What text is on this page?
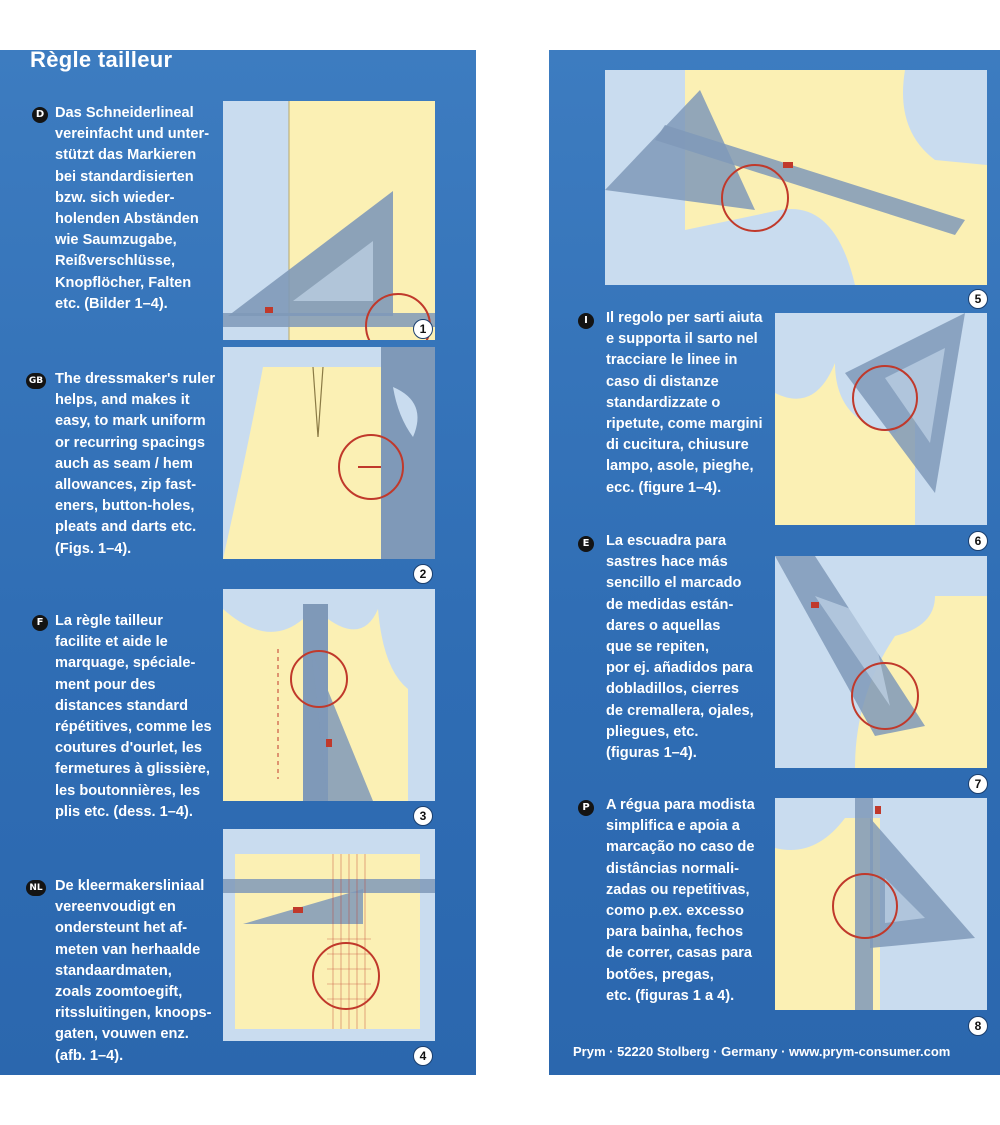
Règle tailleur
D Das Schneiderlineal
vereinfacht und unter-
stützt das Markieren
bei standardisierten
bzw. sich wieder-
holenden Abständen
wie Saumzugabe,
Reißverschlüsse,
Knopflöcher, Falten
etc. (Bilder 1–4).

GB The dressmaker's ruler
helps, and makes it
easy, to mark uniform
or recurring spacings
auch as seam / hem
allowances, zip fast-
eners, button-holes,
pleats and darts etc.
(Figs. 1–4).

F La règle tailleur
facilite et aide le
marquage, spéciale-
ment pour des
distances standard
répétitives, comme les
coutures d'ourlet, les
fermetures à glissière,
les boutonnières, les
plis etc. (dess. 1–4).

NL De kleermakersliniaal
vereenvoudigt en
ondersteunt het af-
meten van herhaalde
standaardmaten,
zoals zoomtoegift,
ritssluitingen, knoops-
gaten, vouwen enz.
(afb. 1–4).

1
2
3
4
5
I	Il regolo per sarti aiuta
e supporta il sarto nel
tracciare le linee in
caso di distanze
standardizzate o
ripetute, come margini
di cucitura, chiusure
lampo, asole, pieghe,
ecc. (figure 1–4).

6
E	La escuadra para
sastres hace más
sencillo el marcado
de medidas están-
dares o aquellas
que se repiten,
por ej. añadidos para
dobladillos, cierres
de cremallera, ojales,
pliegues, etc.
(figuras 1–4).

7
P A régua para modista
simplifica e apoia a
marcação no caso de
distâncias normali-
zadas ou repetitivas,
como p.ex. excesso
para bainha, fechos
de correr, casas para
botões, pregas,
etc. (figuras 1 a 4).

8
Prym · 52220 Stolberg · Germany · www.prym-consumer.com
